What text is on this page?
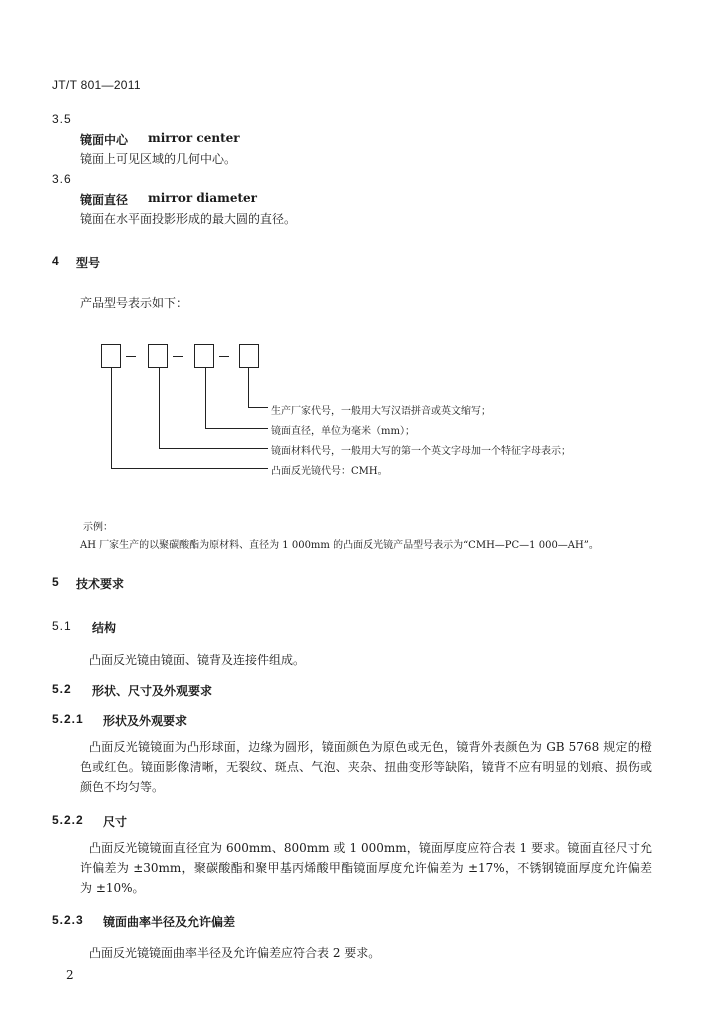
JT/T 801—2011
3.5
镜面中心 mirror center
镜面上可见区域的几何中心。
3.6
镜面直径 mirror diameter
镜面在水平面投影形成的最大圆的直径。
4 型号
产品型号表示如下：
生产厂家代号，一般用大写汉语拼音或英文缩写；
镜面直径，单位为毫米（mm）；
镜面材料代号，一般用大写的第一个英文字母加一个特征字母表示；
凸面反光镜代号：CMH。
示例：
AH 厂家生产的以聚碳酸酯为原材料、直径为 1 000mm 的凸面反光镜产品型号表示为“CMH—PC—1 000—AH”。
5 技术要求
5.1 结构
凸面反光镜由镜面、镜背及连接件组成。
5.2 形状、尺寸及外观要求
5.2.1 形状及外观要求
凸面反光镜镜面为凸形球面，边缘为圆形，镜面颜色为原色或无色，镜背外表颜色为 GB 5768 规定的橙色或红色。镜面影像清晰，无裂纹、斑点、气泡、夹杂、扭曲变形等缺陷，镜背不应有明显的划痕、损伤或颜色不均匀等。
5.2.2 尺寸
凸面反光镜镜面直径宜为 600mm、800mm 或 1 000mm，镜面厚度应符合表 1 要求。镜面直径尺寸允许偏差为 ±30mm，聚碳酸酯和聚甲基丙烯酸甲酯镜面厚度允许偏差为 ±17%，不锈钢镜面厚度允许偏差为 ±10%。
5.2.3 镜面曲率半径及允许偏差
凸面反光镜镜面曲率半径及允许偏差应符合表 2 要求。
2
